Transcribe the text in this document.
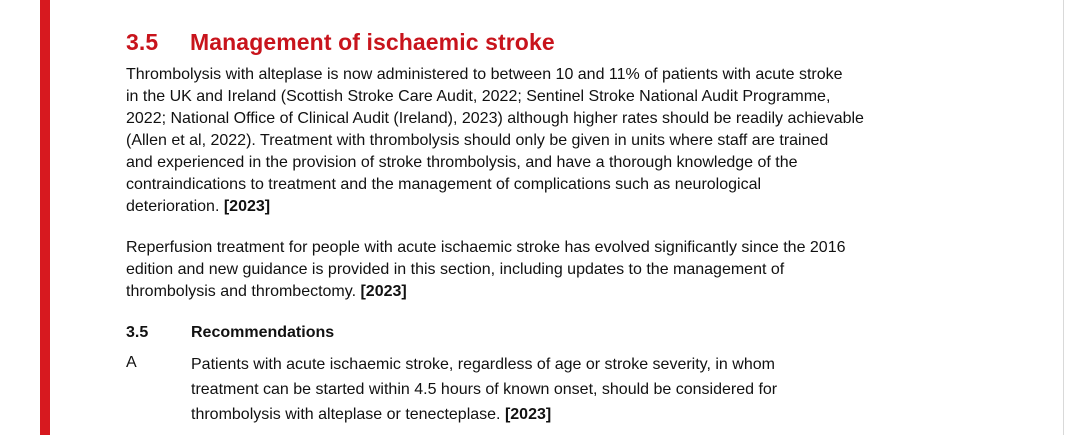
3.5 Management of ischaemic stroke

Thrombolysis with alteplase is now administered to between 10 and 11% of patients with acute stroke
in the UK and Ireland (Scottish Stroke Care Audit, 2022; Sentinel Stroke National Audit Programme,
2022; National Office of Clinical Audit (Ireland), 2023) although higher rates should be readily achievable
(Allen et al, 2022). Treatment with thrombolysis should only be given in units where staff are trained
and experienced in the provision of stroke thrombolysis, and have a thorough knowledge of the
contraindications to treatment and the management of complications such as neurological
deterioration. [2023]

Reperfusion treatment for people with acute ischaemic stroke has evolved significantly since the 2016
edition and new guidance is provided in this section, including updates to the management of
thrombolysis and thrombectomy. [2023]

3.5	Recommendations
A	Patients with acute ischaemic stroke, regardless of age or stroke severity, in whom
treatment can be started within 4.5 hours of known onset, should be considered for
thrombolysis with alteplase or tenecteplase. [2023]
